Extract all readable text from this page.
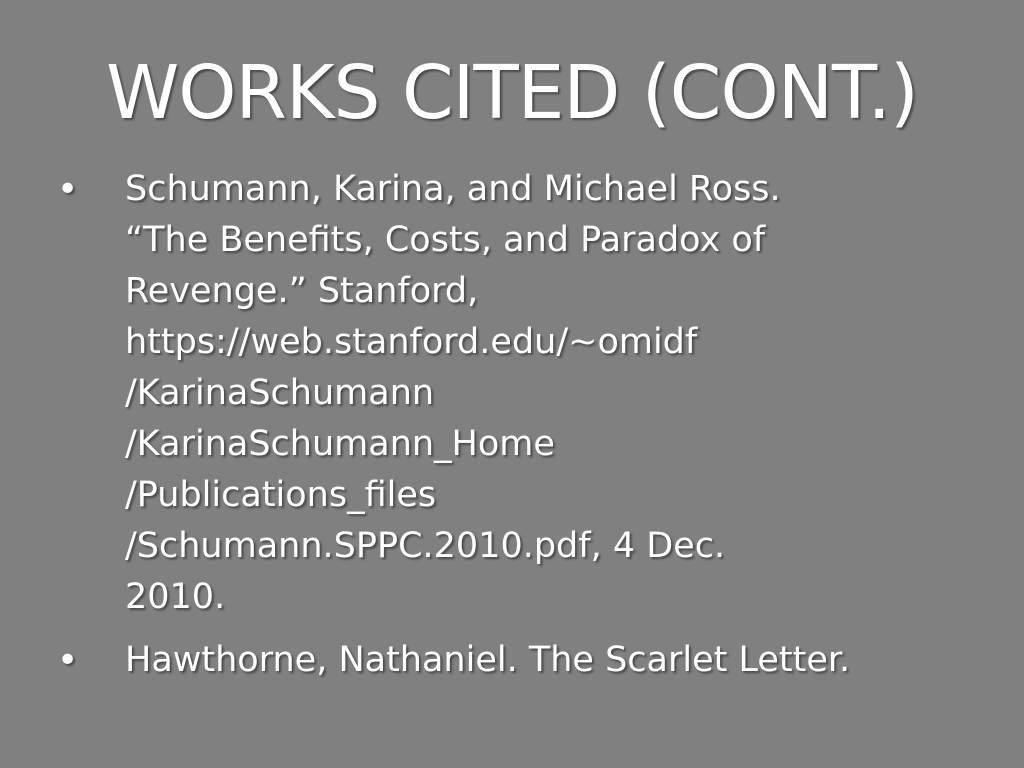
WORKS CITED (CONT.)
•	Schumann, Karina, and Michael Ross.
“The Benefits, Costs, and Paradox of
Revenge.” Stanford,
https://web.stanford.edu/~omidf
/KarinaSchumann
/KarinaSchumann_Home
/Publications_files
/Schumann.SPPC.2010.pdf, 4 Dec.
2010.
•	Hawthorne, Nathaniel. The Scarlet Letter.
